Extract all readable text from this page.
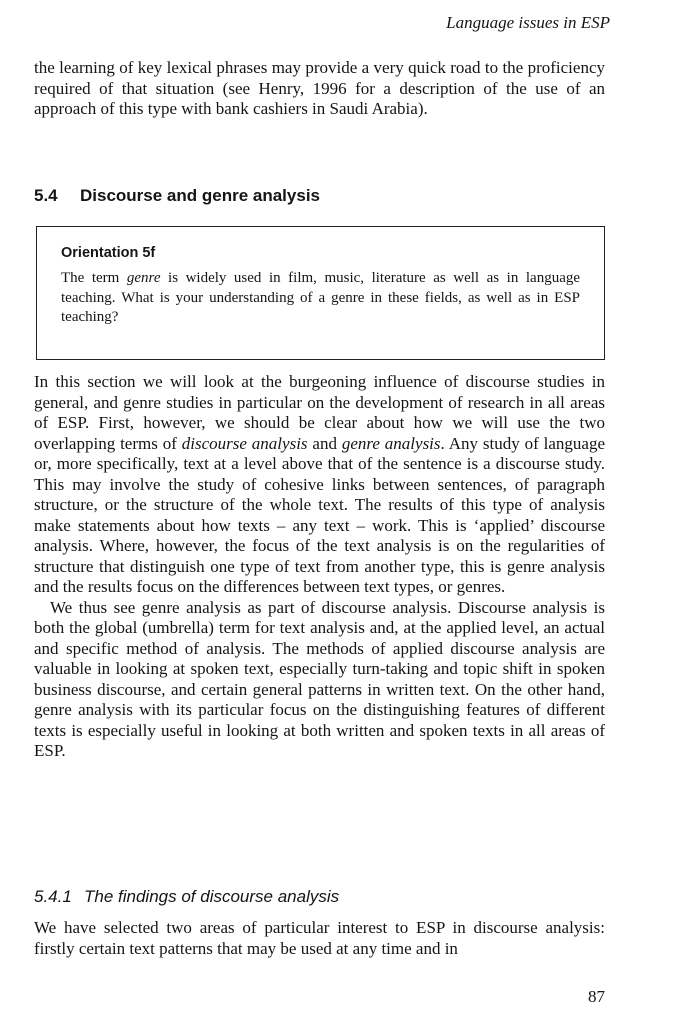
Language issues in ESP
the learning of key lexical phrases may provide a very quick road to the proficiency required of that situation (see Henry, 1996 for a description of the use of an approach of this type with bank cashiers in Saudi Arabia).
5.4 Discourse and genre analysis
Orientation 5f
The term genre is widely used in film, music, literature as well as in language teaching. What is your understanding of a genre in these fields, as well as in ESP teaching?

In this section we will look at the burgeoning influence of discourse studies in general, and genre studies in particular on the development of research in all areas of ESP. First, however, we should be clear about how we will use the two overlapping terms of discourse analysis and genre analysis. Any study of language or, more specifically, text at a level above that of the sentence is a discourse study. This may involve the study of cohesive links between sentences, of paragraph structure, or the structure of the whole text. The results of this type of analysis make statements about how texts – any text – work. This is ‘applied’ discourse analysis. Where, however, the focus of the text analysis is on the regularities of structure that distinguish one type of text from another type, this is genre analysis and the results focus on the differences between text types, or genres.

We thus see genre analysis as part of discourse analysis. Discourse analysis is both the global (umbrella) term for text analysis and, at the applied level, an actual and specific method of analysis. The methods of applied discourse analysis are valuable in looking at spoken text, especially turn-taking and topic shift in spoken business discourse, and certain general patterns in written text. On the other hand, genre analysis with its particular focus on the distinguishing features of different texts is especially useful in looking at both written and spoken texts in all areas of ESP.

5.4.1 The findings of discourse analysis
We have selected two areas of particular interest to ESP in discourse analysis: firstly certain text patterns that may be used at any time and in
87
